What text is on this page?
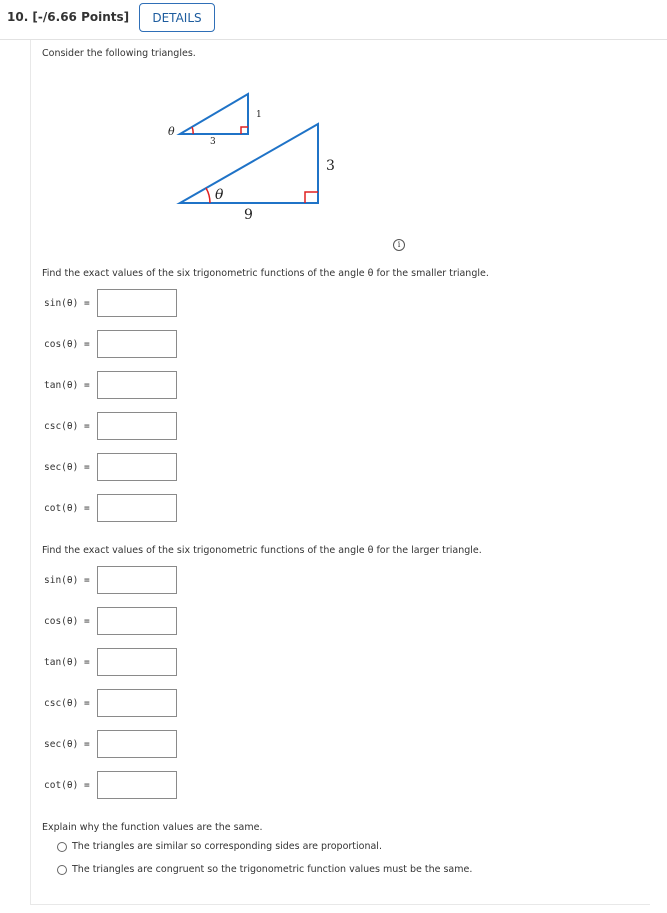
10. [-/6.66 Points]	DETAILS
Consider the following triangles.
θ
3
1
θ
9
3
i
Find the exact values of the six trigonometric functions of the angle θ for the smaller triangle.
sin(θ) =
cos(θ) =
tan(θ) =
csc(θ) =
sec(θ) =
cot(θ) =
Find the exact values of the six trigonometric functions of the angle θ for the larger triangle.
sin(θ) =
cos(θ) =
tan(θ) =
csc(θ) =
sec(θ) =
cot(θ) =
Explain why the function values are the same.
The triangles are similar so corresponding sides are proportional.
The triangles are congruent so the trigonometric function values must be the same.
